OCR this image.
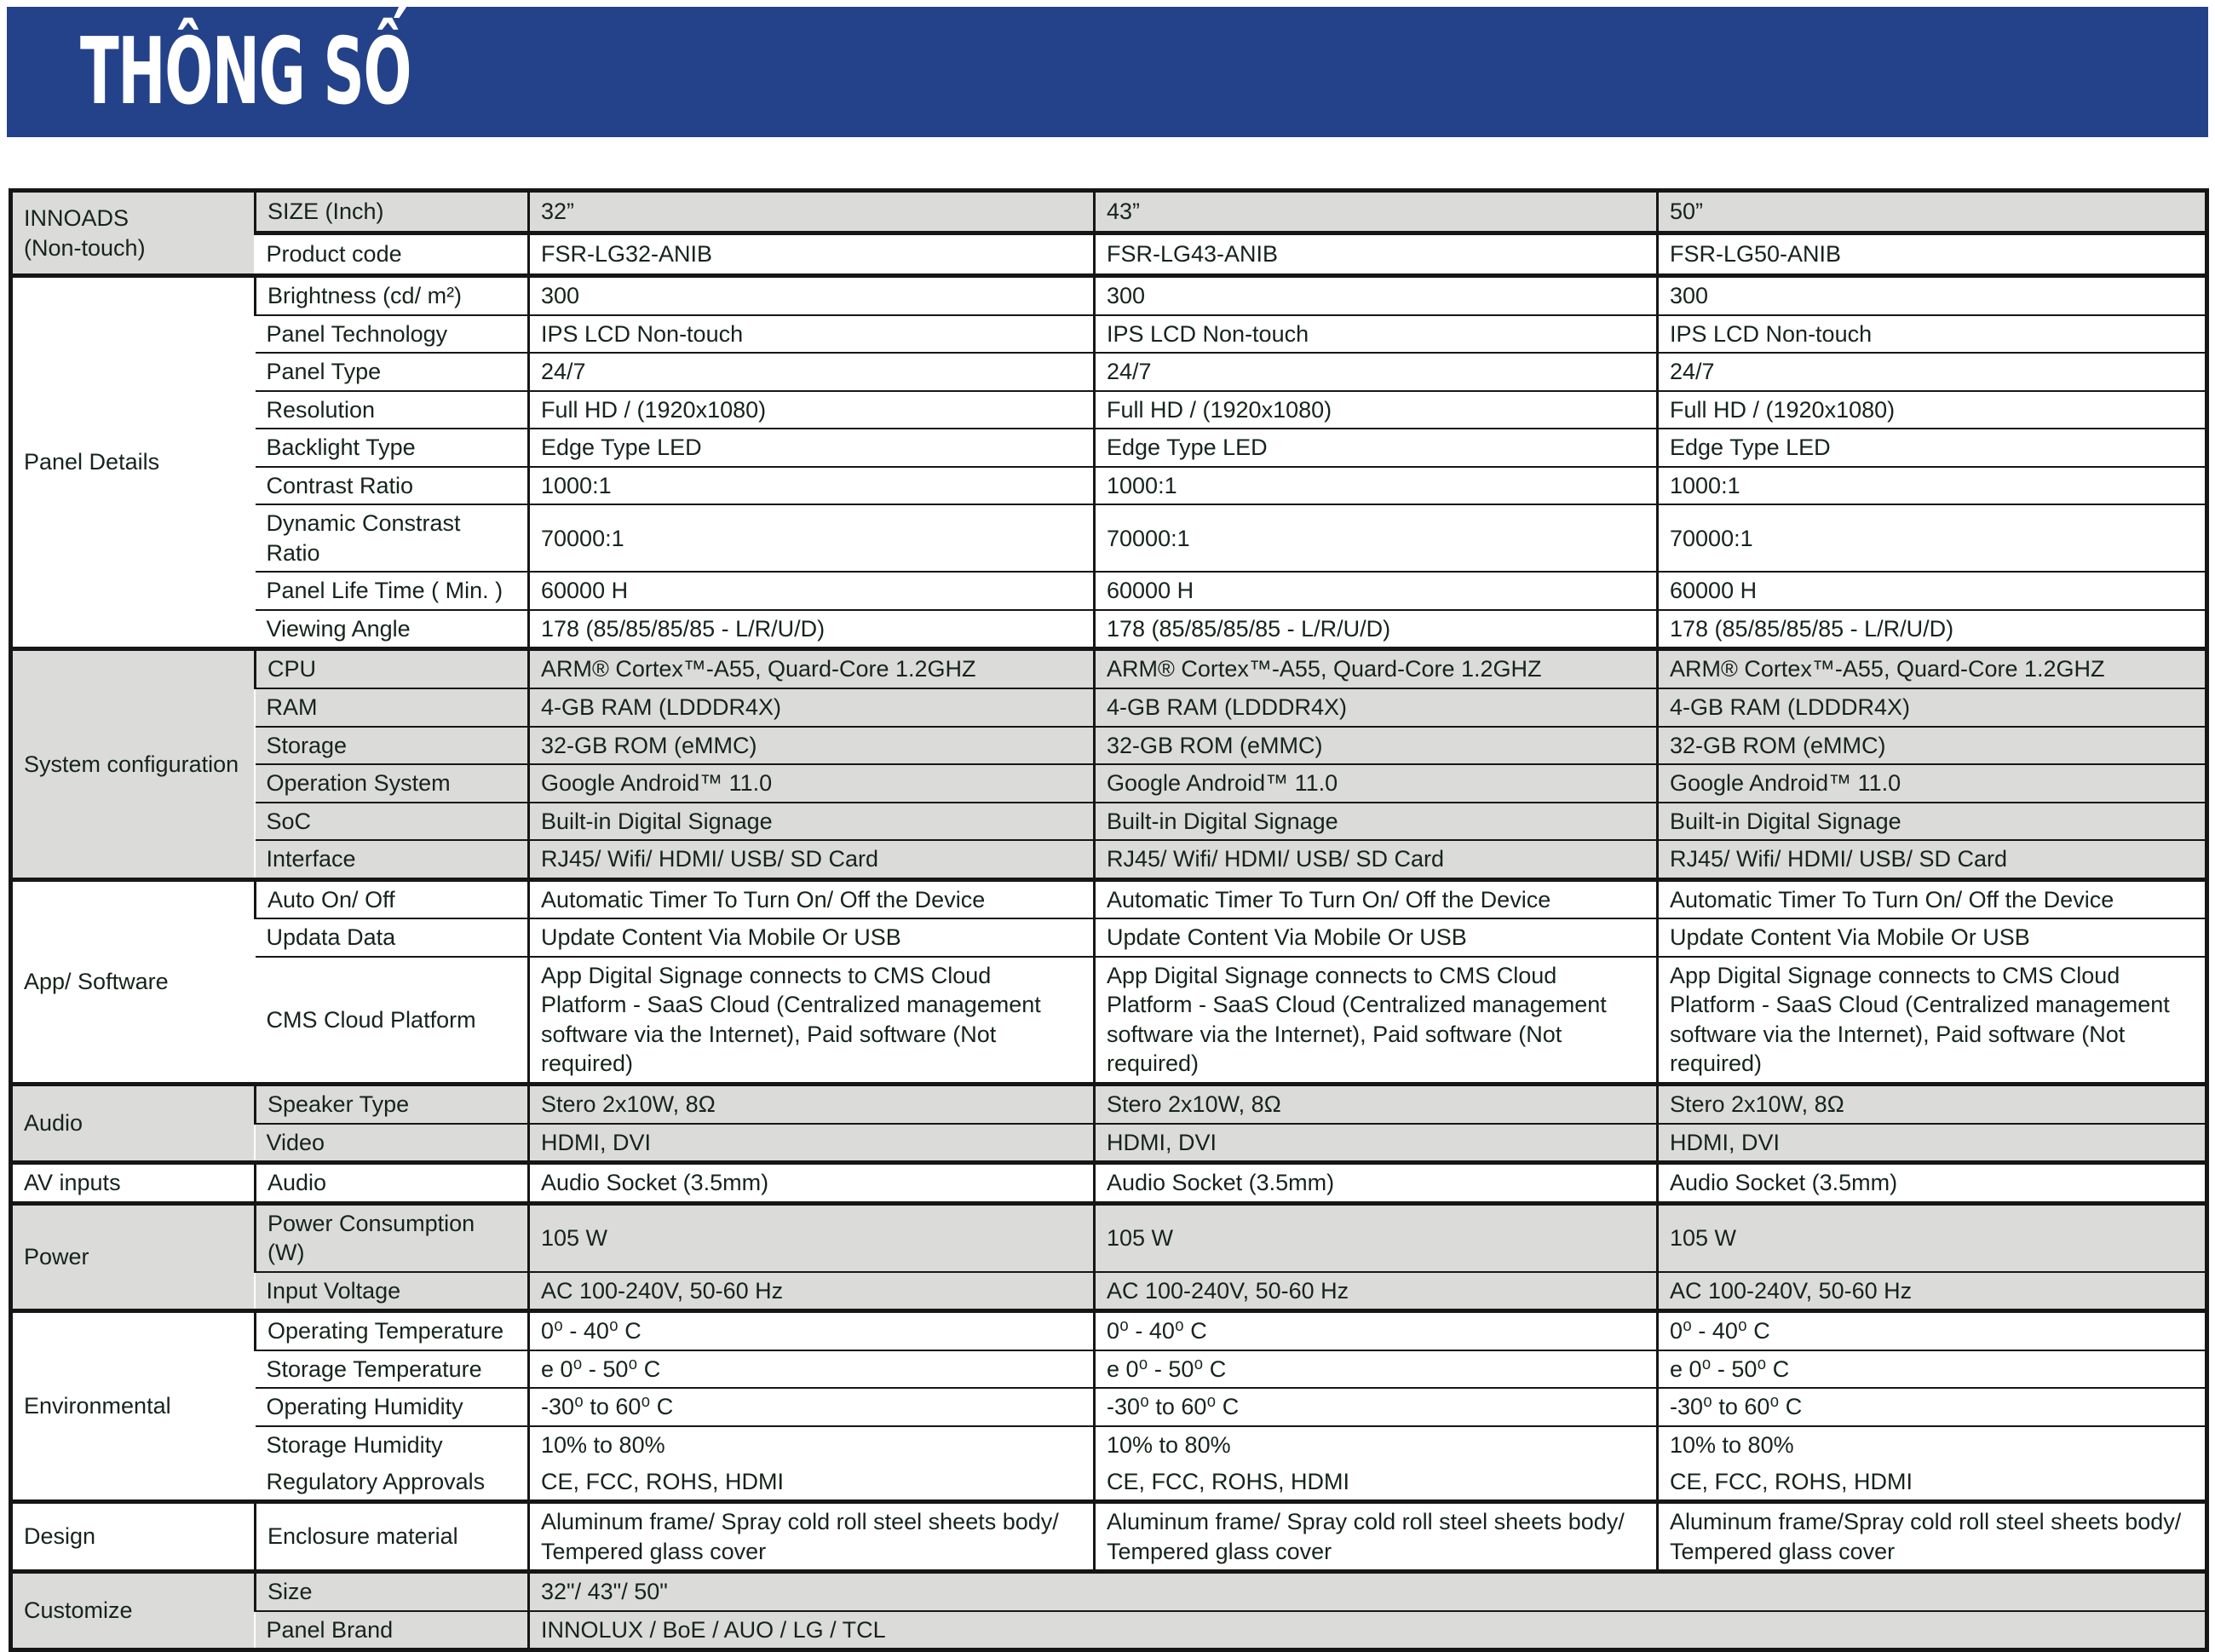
THÔNG SỐ
INNOADS
(Non-touch)	SIZE (Inch)	32”	43”	50”
	Product code	FSR-LG32-ANIB	FSR-LG43-ANIB	FSR-LG50-ANIB
Panel Details	Brightness (cd/ m²)	300	300	300
	Panel Technology	IPS LCD Non-touch	IPS LCD Non-touch	IPS LCD Non-touch
	Panel Type	24/7	24/7	24/7
	Resolution	Full HD / (1920x1080)	Full HD / (1920x1080)	Full HD / (1920x1080)
	Backlight Type	Edge Type LED	Edge Type LED	Edge Type LED
	Contrast Ratio	1000:1	1000:1	1000:1
	Dynamic Constrast Ratio	70000:1	70000:1	70000:1
	Panel Life Time ( Min. )	60000 H	60000 H	60000 H
	Viewing Angle	178 (85/85/85/85 - L/R/U/D)	178 (85/85/85/85 - L/R/U/D)	178 (85/85/85/85 - L/R/U/D)
System configuration	CPU	ARM® Cortex™-A55, Quard-Core 1.2GHZ	ARM® Cortex™-A55, Quard-Core 1.2GHZ	ARM® Cortex™-A55, Quard-Core 1.2GHZ
	RAM	4-GB RAM (LDDDR4X)	4-GB RAM (LDDDR4X)	4-GB RAM (LDDDR4X)
	Storage	32-GB ROM (eMMC)	32-GB ROM (eMMC)	32-GB ROM (eMMC)
	Operation System	Google Android™ 11.0	Google Android™ 11.0	Google Android™ 11.0
	SoC	Built-in Digital Signage	Built-in Digital Signage	Built-in Digital Signage
	Interface	RJ45/ Wifi/ HDMI/ USB/ SD Card	RJ45/ Wifi/ HDMI/ USB/ SD Card	RJ45/ Wifi/ HDMI/ USB/ SD Card
App/ Software	Auto On/ Off	Automatic Timer To Turn On/ Off the Device	Automatic Timer To Turn On/ Off the Device	Automatic Timer To Turn On/ Off the Device
	Updata Data	Update Content Via Mobile Or USB	Update Content Via Mobile Or USB	Update Content Via Mobile Or USB
	CMS Cloud Platform	App Digital Signage connects to CMS Cloud Platform - SaaS Cloud (Centralized management software via the Internet), Paid software (Not required)	App Digital Signage connects to CMS Cloud Platform - SaaS Cloud (Centralized management software via the Internet), Paid software (Not required)	App Digital Signage connects to CMS Cloud Platform - SaaS Cloud (Centralized management software via the Internet), Paid software (Not required)
Audio	Speaker Type	Stero 2x10W, 8Ω	Stero 2x10W, 8Ω	Stero 2x10W, 8Ω
	Video	HDMI, DVI	HDMI, DVI	HDMI, DVI
AV inputs	Audio	Audio Socket (3.5mm)	Audio Socket (3.5mm)	Audio Socket (3.5mm)
Power	Power Consumption (W)	105 W	105 W	105 W
	Input Voltage	AC 100-240V, 50-60 Hz	AC 100-240V, 50-60 Hz	AC 100-240V, 50-60 Hz
Environmental	Operating Temperature	0⁰ - 40⁰ C	0⁰ - 40⁰ C	0⁰ - 40⁰ C
	Storage Temperature	e 0⁰ - 50⁰ C	e 0⁰ - 50⁰ C	e 0⁰ - 50⁰ C
	Operating Humidity	-30⁰ to 60⁰ C	-30⁰ to 60⁰ C	-30⁰ to 60⁰ C
	Storage Humidity	10% to 80%	10% to 80%	10% to 80%
	Regulatory Approvals	CE, FCC, ROHS, HDMI	CE, FCC, ROHS, HDMI	CE, FCC, ROHS, HDMI
Design	Enclosure material	Aluminum frame/ Spray cold roll steel sheets body/ Tempered glass cover	Aluminum frame/ Spray cold roll steel sheets body/ Tempered glass cover	Aluminum frame/Spray cold roll steel sheets body/ Tempered glass cover
Customize	Size	32"/ 43"/ 50"		
	Panel Brand	INNOLUX / BoE / AUO / LG / TCL		
